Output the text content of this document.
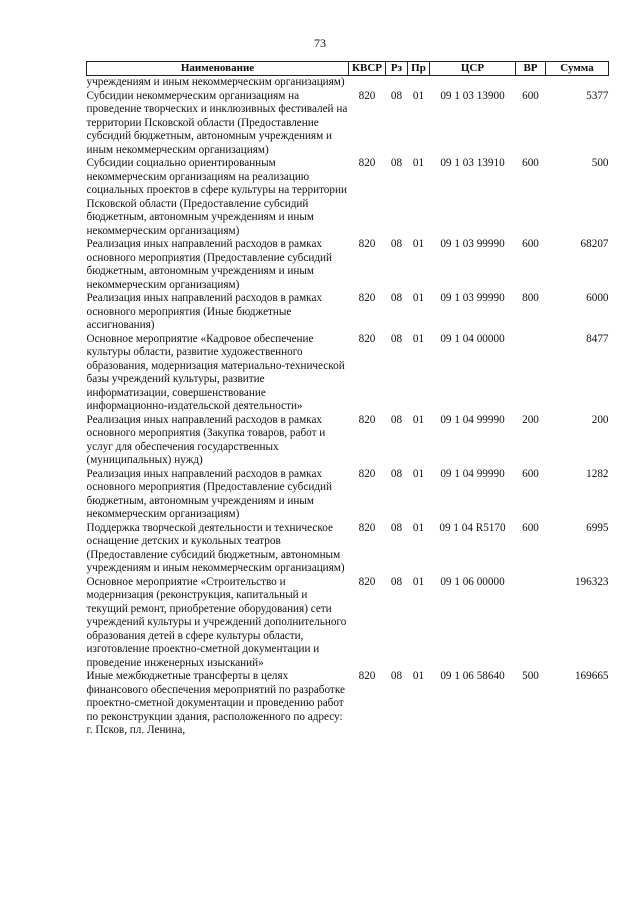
73
Наименование	КВСР	Рз	Пр	ЦСР	ВР	Сумма
учреждениям и иным некоммерческим организациям)						
Субсидии некоммерческим организациям на проведение творческих и инклюзивных фестивалей на территории Псковской области (Предоставление субсидий бюджетным, автономным учреждениям и иным некоммерческим организациям)	820	08	01	09 1 03 13900	600	5377
Субсидии социально ориентированным некоммерческим организациям на реализацию социальных проектов в сфере культуры на территории Псковской области (Предоставление субсидий бюджетным, автономным учреждениям и иным некоммерческим организациям)	820	08	01	09 1 03 13910	600	500
Реализация иных направлений расходов в рамках основного мероприятия (Предоставление субсидий бюджетным, автономным учреждениям и иным некоммерческим организациям)	820	08	01	09 1 03 99990	600	68207
Реализация иных направлений расходов в рамках основного мероприятия (Иные бюджетные ассигнования)	820	08	01	09 1 03 99990	800	6000
Основное мероприятие «Кадровое обеспечение культуры области, развитие художественного образования, модернизация материально-технической базы учреждений культуры, развитие информатизации, совершенствование информационно-издательской деятельности»	820	08	01	09 1 04 00000		8477
Реализация иных направлений расходов в рамках основного мероприятия (Закупка товаров, работ и услуг для обеспечения государственных (муниципальных) нужд)	820	08	01	09 1 04 99990	200	200
Реализация иных направлений расходов в рамках основного мероприятия (Предоставление субсидий бюджетным, автономным учреждениям и иным некоммерческим организациям)	820	08	01	09 1 04 99990	600	1282
Поддержка творческой деятельности и техническое оснащение детских и кукольных театров (Предоставление субсидий бюджетным, автономным учреждениям и иным некоммерческим организациям)	820	08	01	09 1 04 R5170	600	6995
Основное мероприятие «Строительство и модернизация (реконструкция, капитальный и текущий ремонт, приобретение оборудования) сети учреждений культуры и учреждений дополнительного образования детей в сфере культуры области, изготовление проектно-сметной документации и проведение инженерных изысканий»	820	08	01	09 1 06 00000		196323
Иные межбюджетные трансферты в целях финансового обеспечения мероприятий по разработке проектно-сметной документации и проведению работ по реконструкции здания, расположенного по адресу: г. Псков, пл. Ленина,	820	08	01	09 1 06 58640	500	169665
